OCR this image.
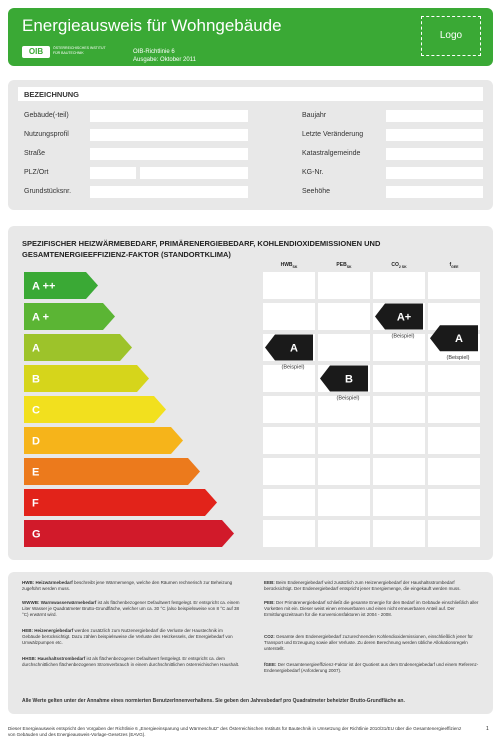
Energieausweis für Wohngebäude
OIB	ÖSTERREICHISCHES INSTITUT FÜR BAUTECHNIK	OIB-Richtlinie 6
Ausgabe: Oktober 2011
Logo
BEZEICHNUNG
Gebäude(-teil)
Nutzungsprofil
Straße
PLZ/Ort
Grundstücksnr.
Baujahr
Letzte Veränderung
Katastralgemeinde
KG-Nr.
Seehöhe
SPEZIFISCHER HEIZWÄRMEBEDARF, PRIMÄRENERGIEBEDARF, KOHLENDIOXIDEMISSIONEN UND GESAMTENERGIEEFFIZIENZ-FAKTOR (STANDORTKLIMA)
A ++
A +
A
B
C
D
E
F
G
A
(Beispiel)
B
(Beispiel)
A+
(Beispiel)	A
(Beispiel)
$HWB_{SK}$	$PEB_{SK}$	$CO_{2 SK}$	$f_{GEE}$

HWB: Heizwärmebedarf beschreibt jene Wärmemenge, welche den Räumen rechnerisch zur Beheizung zugeführt werden muss.

WWWB: Warmwasserwärmebedarf ist als flächenbezogener Defaultwert festgelegt. Er entspricht ca. einem Liter Wasser je Quadratmeter Brutto-Grundfläche, welcher um ca. 30 °C (also beispielsweise von 8 °C auf 38 °C) erwärmt wird.

HEB: Heizenergiebedarf werden zusätzlich zum Nutzenergiebedarf die Verluste der Haustechnik im Gebäude berücksichtigt. Dazu zählen beispielsweise die Verluste des Heizkessels, der Energiebedarf von Umwälzpumpen etc.

HHSB: Haushaltsstrombedarf ist als flächenbezogener Defaultwert festgelegt. Er entspricht ca. dem durchschnittlichen flächenbezogenen Stromverbrauch in einem durchschnittlichen österreichischen Haushalt.

EEB: Beim Endenergiebedarf wird zusätzlich zum Heizenergiebedarf der Haushaltsstrombedarf berücksichtigt. Der Endenergiebedarf entspricht jener Energiemenge, die eingekauft werden muss.

PEB: Der Primärenergiebedarf schließt die gesamte Energie für den Bedarf im Gebäude einschließlich aller Vorketten mit ein. Dieser weist einen erneuerbaren und einen nicht erneuerbaren Anteil auf. Der Ermittlungszeitraum für die Konversionsfaktoren ist 2004 - 2008.

CO2: Gesamte dem Endenergiebedarf zuzurechnenden Kohlendioxidemissionen, einschließlich jener für Transport und Erzeugung sowie aller Verluste. Zu deren Berechnung werden übliche Allokationsregeln unterstellt.

fGEE: Der Gesamtenergieeffizienz-Faktor ist der Quotient aus dem Endenergiebedarf und einem Referenz-Endenergiebedarf (Anforderung 2007).

Alle Werte gelten unter der Annahme eines normierten BenutzerInnenverhaltens. Sie geben den Jahresbedarf pro Quadratmeter beheizter Brutto-Grundfläche an.

Dieser Energieausweis entspricht den Vorgaben der Richtlinie 6 „Energieeinsparung und Wärmeschutz" des Österreichischen Instituts für Bautechnik in Umsetzung der Richtlinie 2010/31/EU über die Gesamtenergieeffizienz von Gebäuden und des Energieausweis-Vorlage-Gesetzes (EAVG).
1
